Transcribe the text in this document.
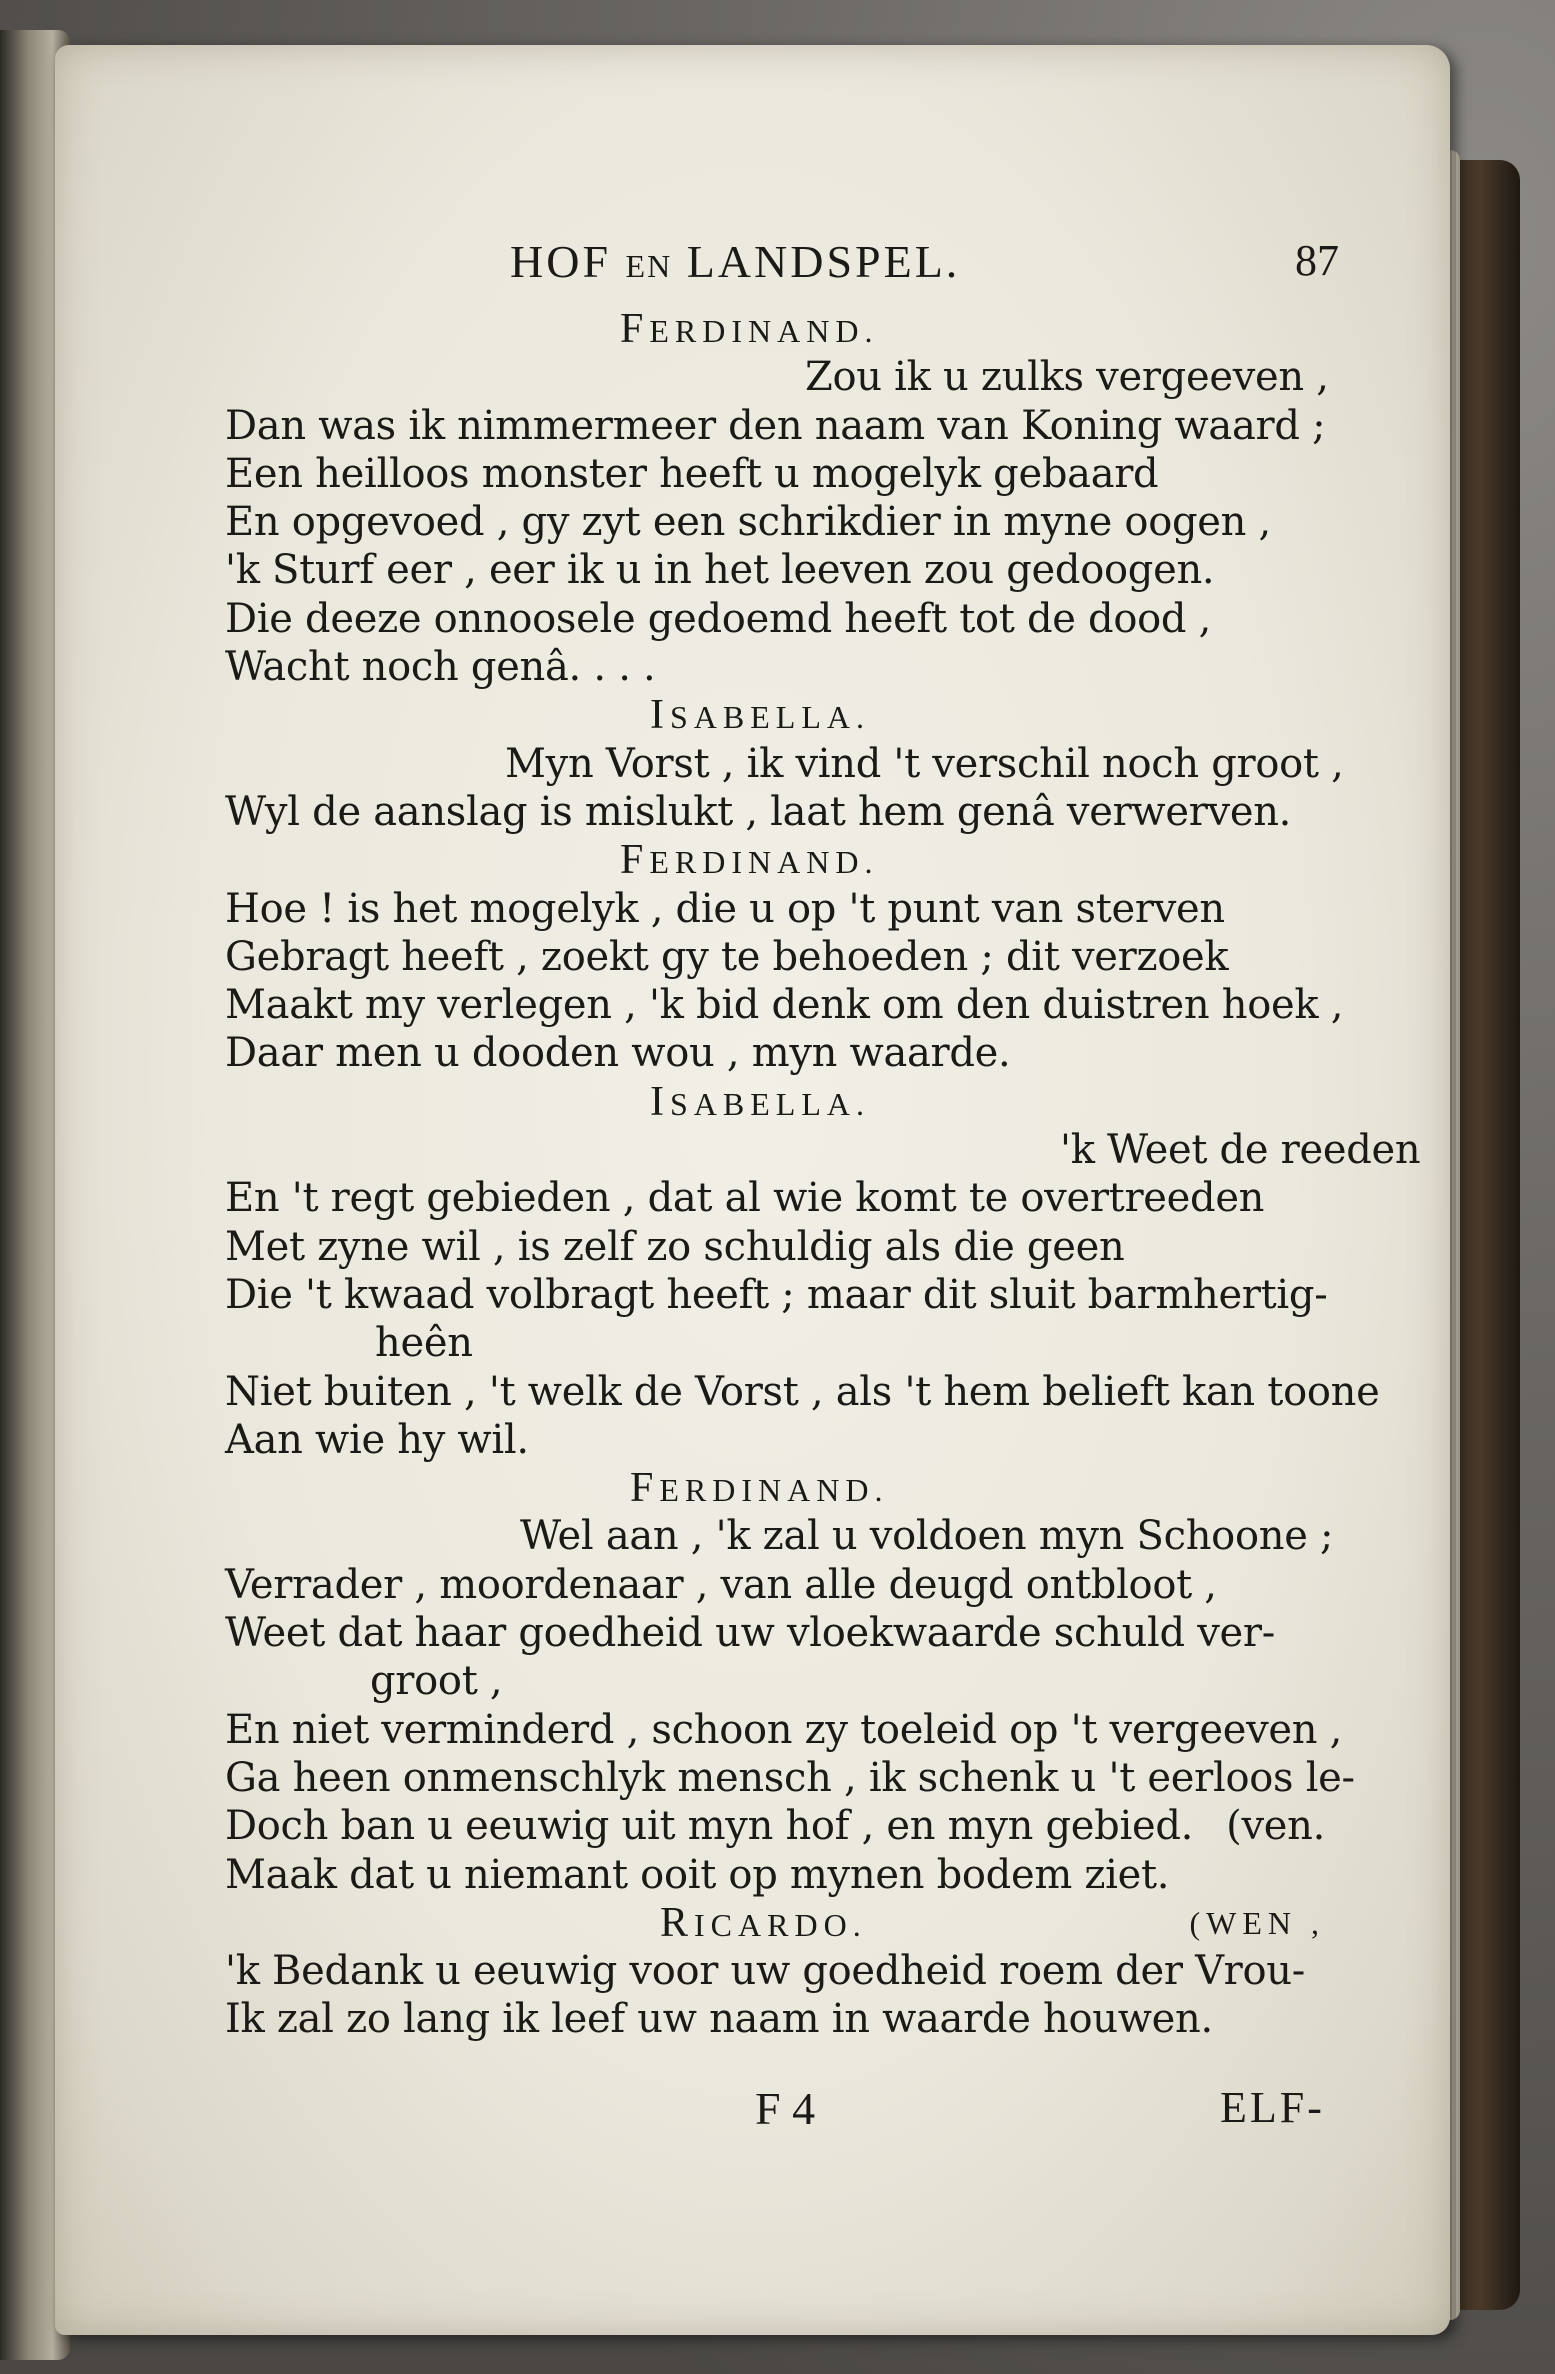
HOF EN LANDSPEL.	87
FERDINAND.
Zou ik u zulks vergeeven ,
Dan was ik nimmermeer den naam van Koning waard ;
Een heilloos monster heeft u mogelyk gebaard
En opgevoed , gy zyt een schrikdier in myne oogen ,
'k Sturf eer , eer ik u in het leeven zou gedoogen.
Die deeze onnoosele gedoemd heeft tot de dood ,
Wacht noch genâ. . . .
ISABELLA.
Myn Vorst , ik vind 't verschil noch groot ,
Wyl de aanslag is mislukt , laat hem genâ verwerven.
FERDINAND.
Hoe ! is het mogelyk , die u op 't punt van sterven
Gebragt heeft , zoekt gy te behoeden ; dit verzoek
Maakt my verlegen , 'k bid denk om den duistren hoek ,
Daar men u dooden wou , myn waarde.
ISABELLA.
'k Weet de reeden
En 't regt gebieden , dat al wie komt te overtreeden
Met zyne wil , is zelf zo schuldig als die geen
Die 't kwaad volbragt heeft ; maar dit sluit barmhertig-
heên
Niet buiten , 't welk de Vorst , als 't hem belieft kan toone
Aan wie hy wil.
FERDINAND.
Wel aan , 'k zal u voldoen myn Schoone ;
Verrader , moordenaar , van alle deugd ontbloot ,
Weet dat haar goedheid uw vloekwaarde schuld ver-
groot ,
En niet verminderd , schoon zy toeleid op 't vergeeven ,
Ga heen onmenschlyk mensch , ik schenk u 't eerloos le-
(ven.
Doch ban u eeuwig uit myn hof , en myn gebied.
Maak dat u niemant ooit op mynen bodem ziet.
(WEN ,
RICARDO.
'k Bedank u eeuwig voor uw goedheid roem der Vrou-
Ik zal zo lang ik leef uw naam in waarde houwen.
F 4	ELF-
